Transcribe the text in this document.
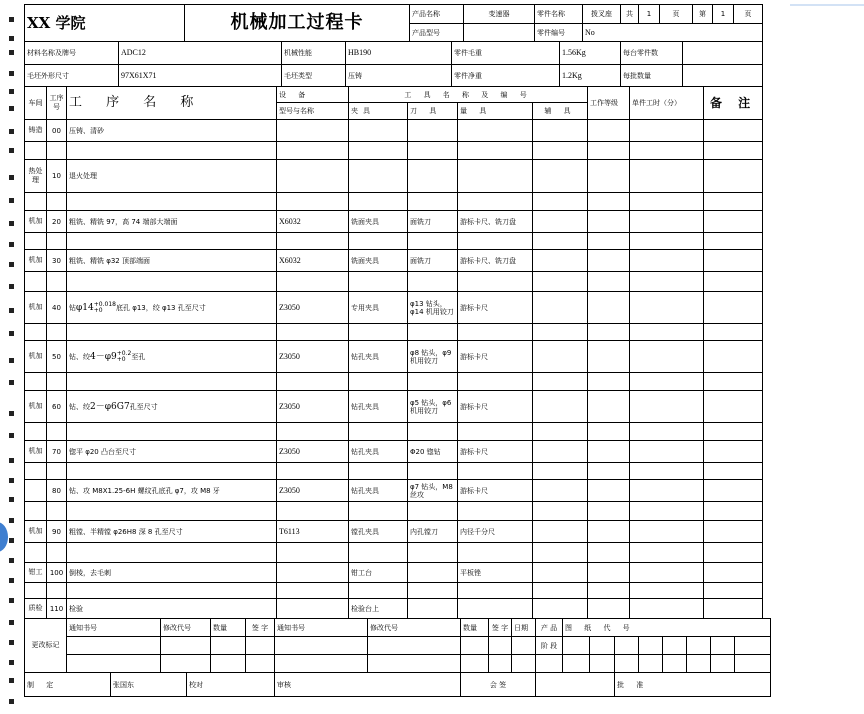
XX 学院	机械加工过程卡	产品名称	变速器	零件名称	拨叉座	共	1	页	第	1	页
		产品型号		零件编号	No						
材料名称及牌号	ADC12	机械性能	HB190	零件毛重	1.56Kg	每台零件数	
毛坯外形尺寸	97X61X71	毛坯类型	压铸	零件净重	1.2Kg	每批数量	
车间	工序号	工 序 名 称	设 备	工 具 名 称 及 编 号				工作等级	单件工时（分）	备 注
			型号与名称	夹具	刀 具	量 具	辅 具			
铸造	00	压铸、清砂								

热处理	10	退火处理								

机加	20	粗铣、精铣 97，高 74 端部大端面	X6032	铣面夹具	面铣刀	游标卡尺、铣刀盘				

机加	30	粗铣、精铣 φ32 顶部端面	X6032	铣面夹具	面铣刀	游标卡尺、铣刀盘				

机加	40	钻φ14 +0.018
+0 底孔 φ13，绞 φ13 孔至尺寸	Z3050	专用夹具	φ13 钻头，φ14 机用铰刀	游标卡尺				

机加	50	钻、绞4－φ9 +0.2
+0 至孔	Z3050	钻孔夹具	φ8 钻头，φ9 机用铰刀	游标卡尺				

机加	60	钻、绞2－φ6G7孔至尺寸	Z3050	钻孔夹具	φ5 钻头，φ6 机用铰刀	游标卡尺				

机加	70	锪平 φ20 凸台至尺寸	Z3050	钻孔夹具	Φ20 锪钻	游标卡尺				

	80	钻、攻 M8X1.25-6H 螺纹孔底孔 φ7，攻 M8 牙	Z3050	钻孔夹具	φ7 钻头，M8 丝攻	游标卡尺				

机加	90	粗镗、半精镗 φ26H8 深 8 孔至尺寸	T6113	镗孔夹具	内孔镗刀	内径千分尺				

钳工	100	倒棱，去毛刺		钳工台		平板锉				

质检	110	检验		检验台上						
更改标记	通知书号		修改代号		数量	签 字	通知书号	修改代号	数量	签 字	日期	产 品	图 纸 代 号							
												阶 段								

制 定		张国东		校对			审核		会 签						批 准					
